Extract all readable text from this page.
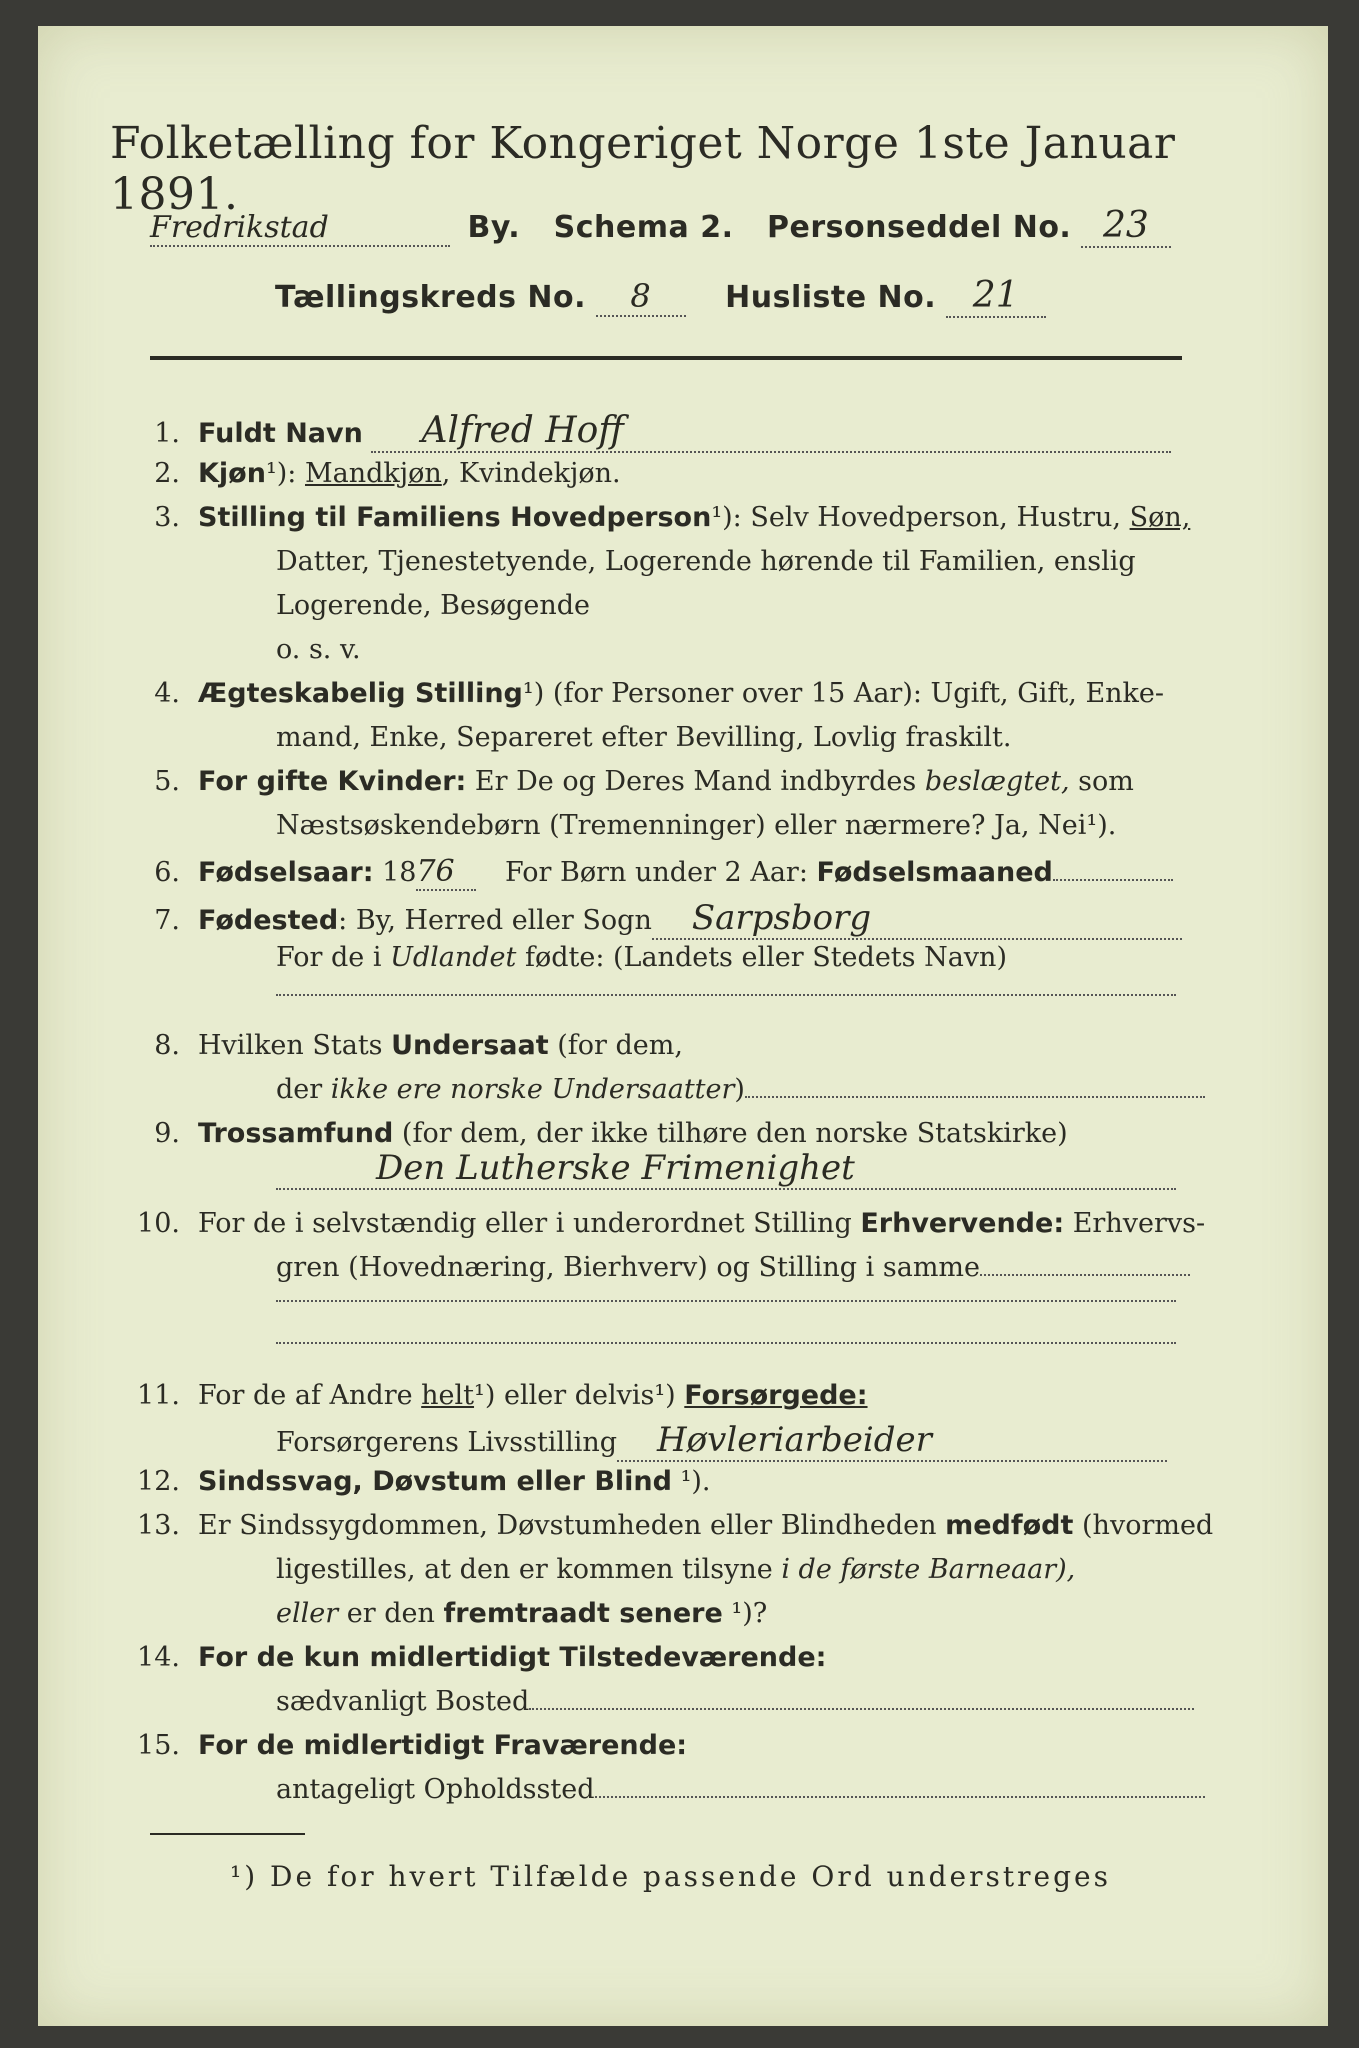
Folketælling for Kongeriget Norge 1ste Januar 1891.
Fredrikstad	By. Schema 2. Personseddel No. 23
Tællingskreds No. 8 Husliste No. 21
1. Fuldt Navn Alfred Hoff
2. Kjøn¹): Mandkjøn, Kvindekjøn.
3. Stilling til Familiens Hovedperson¹): Selv Hovedperson, Hustru, Søn,
Datter, Tjenestetyende, Logerende hørende til Familien, enslig
Logerende, Besøgende
o. s. v.
4. Ægteskabelig Stilling¹) (for Personer over 15 Aar): Ugift, Gift, Enke-
mand, Enke, Separeret efter Bevilling, Lovlig fraskilt.
5. For gifte Kvinder: Er De og Deres Mand indbyrdes beslægtet, som
Næstsøskendebørn (Tremenninger) eller nærmere? Ja, Nei¹).
6. Fødselsaar: 1876 For Børn under 2 Aar: Fødselsmaaned
7. Fødested: By, Herred eller Sogn Sarpsborg
For de i Udlandet fødte: (Landets eller Stedets Navn)
8. Hvilken Stats Undersaat (for dem,
der ikke ere norske Undersaatter)
9. Trossamfund (for dem, der ikke tilhøre den norske Statskirke)
Den Lutherske Frimenighet
10. For de i selvstændig eller i underordnet Stilling Erhvervende: Erhvervs-
gren (Hovednæring, Bierhverv) og Stilling i samme
11. For de af Andre helt¹) eller delvis¹) Forsørgede:
Forsørgerens Livsstilling Høvleriarbeider
12. Sindssvag, Døvstum eller Blind ¹).
13. Er Sindssygdommen, Døvstumheden eller Blindheden medfødt (hvormed
ligestilles, at den er kommen tilsyne i de første Barneaar),
eller er den fremtraadt senere ¹)?
14. For de kun midlertidigt Tilstedeværende:
sædvanligt Bosted
15. For de midlertidigt Fraværende:
antageligt Opholdssted
¹) De for hvert Tilfælde passende Ord understreges
